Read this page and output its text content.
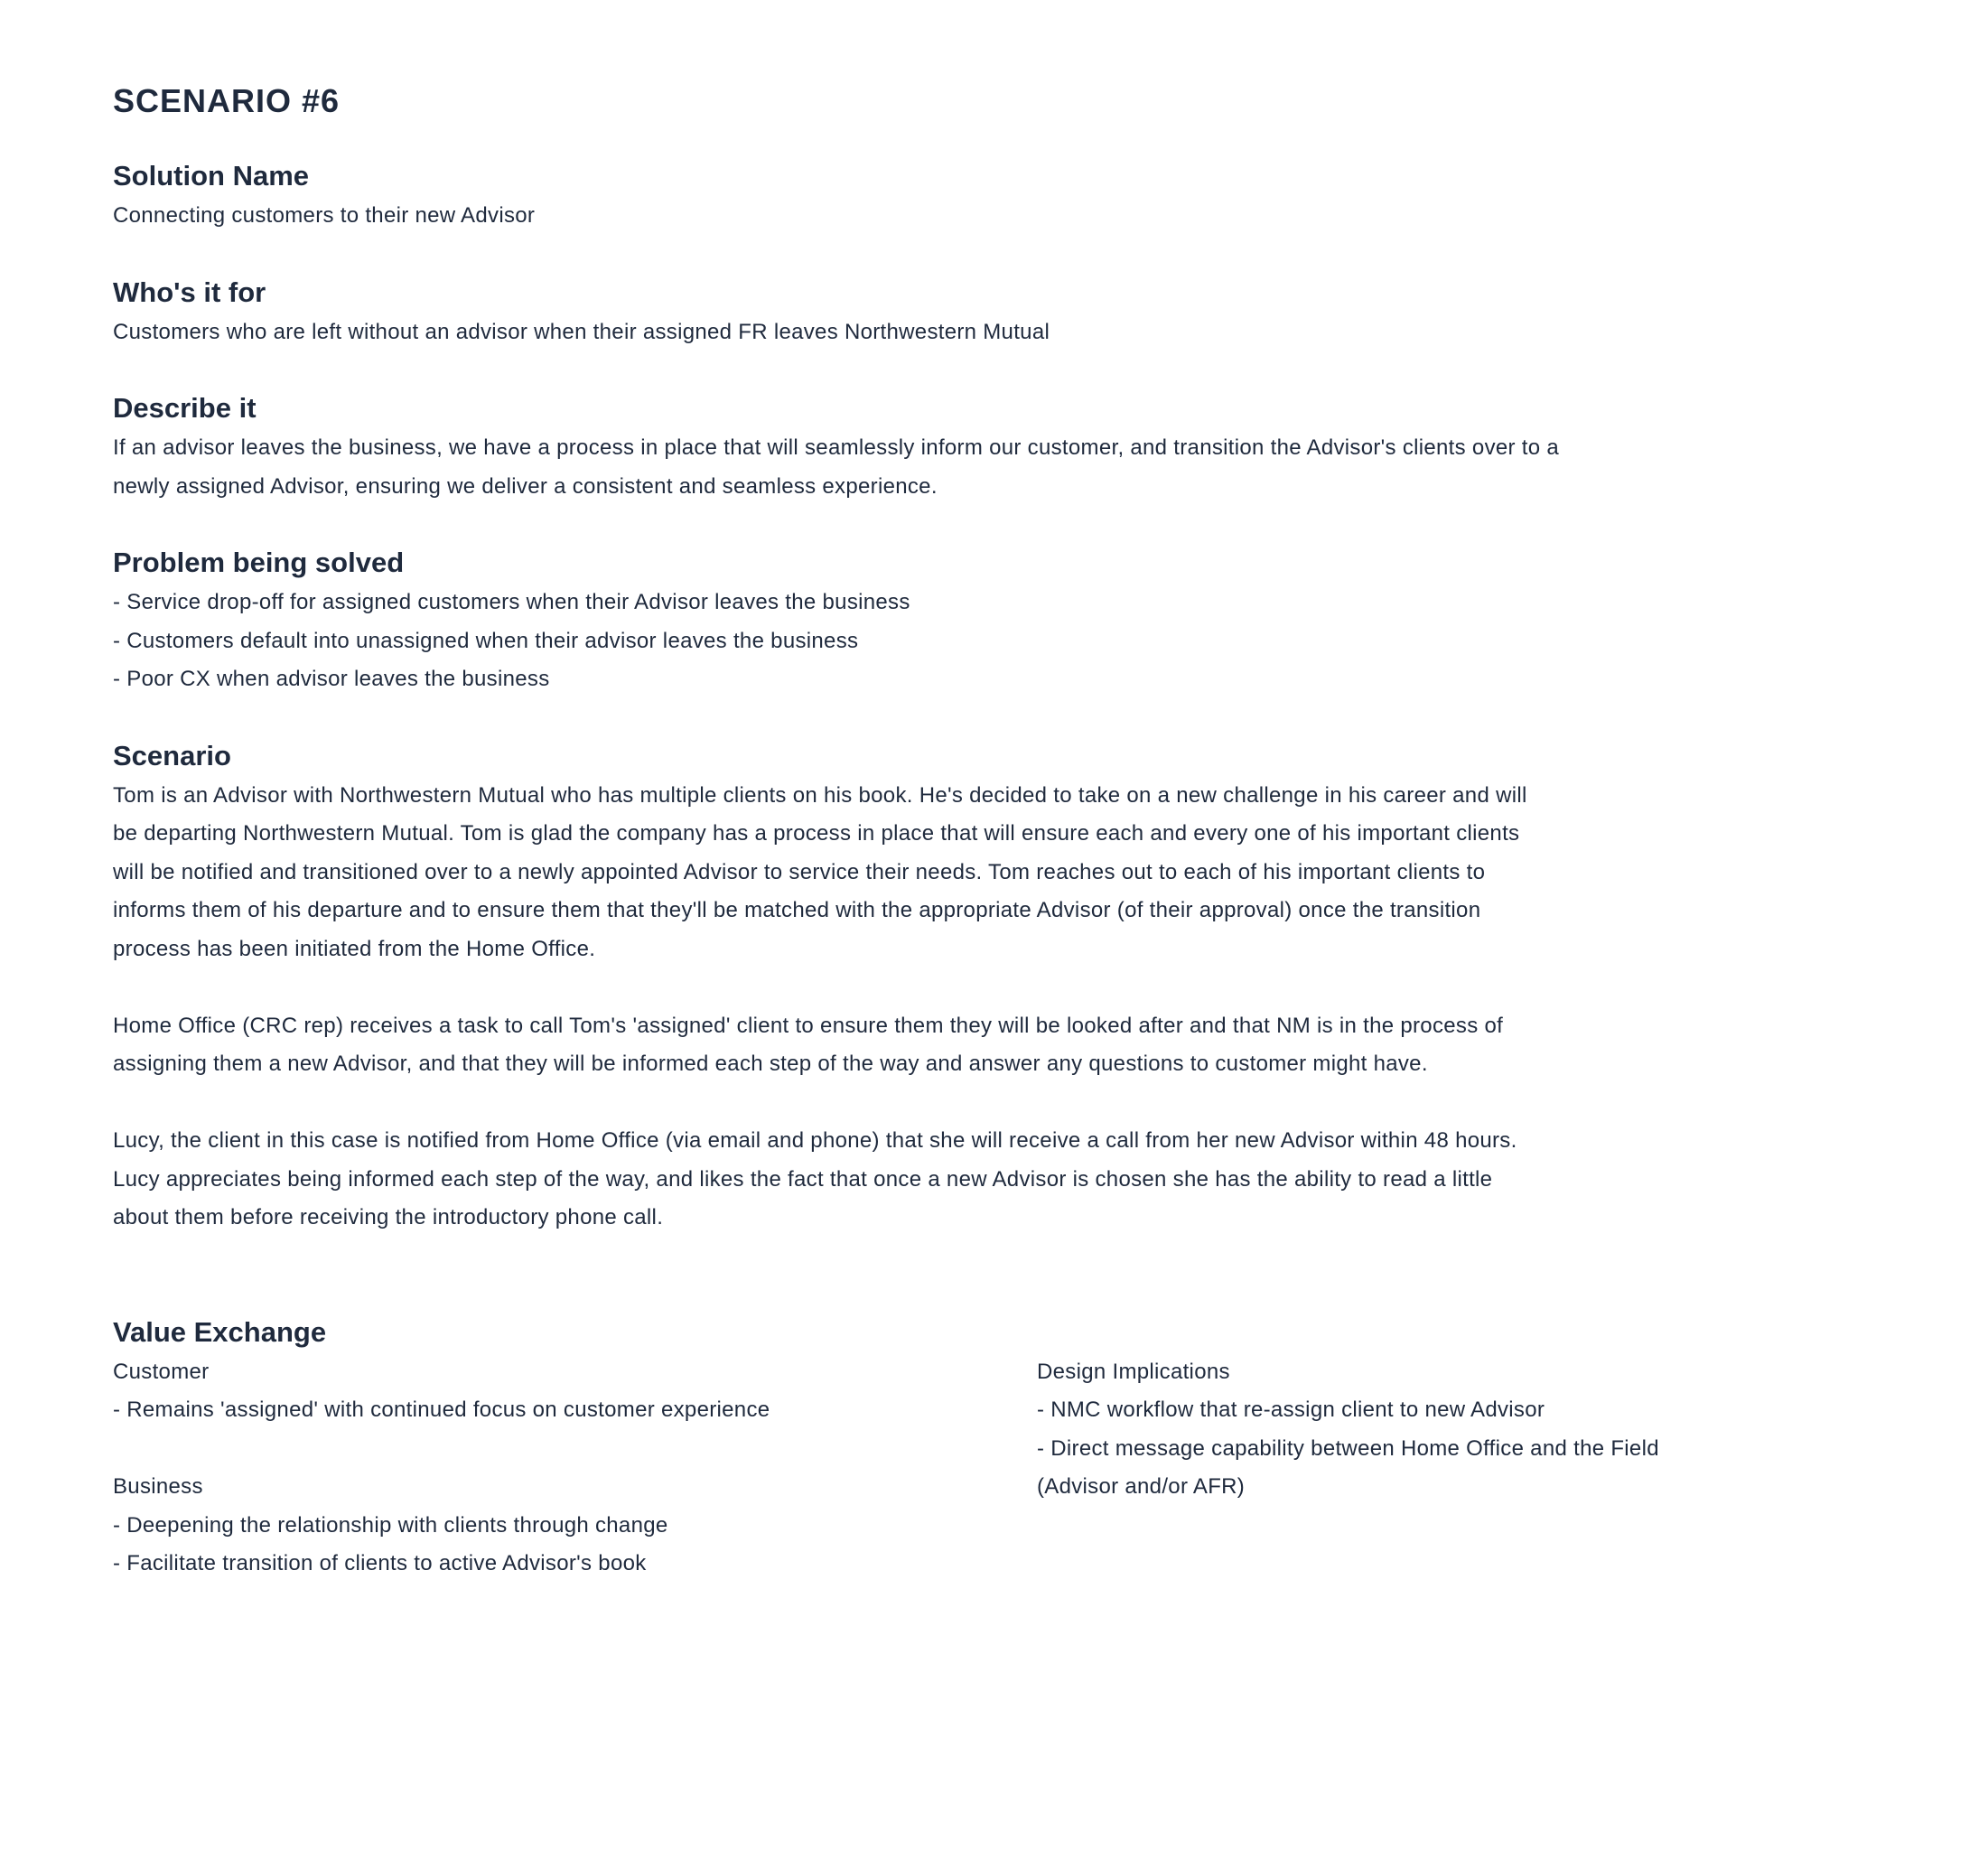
SCENARIO #6
Solution Name

Connecting customers to their new Advisor

Who's it for

Customers who are left without an advisor when their assigned FR leaves Northwestern Mutual

Describe it
If an advisor leaves the business, we have a process in place that will seamlessly inform our customer, and transition the Advisor's clients over to a
newly assigned Advisor, ensuring we deliver a consistent and seamless experience.
Problem being solved
- Service drop-off for assigned customers when their Advisor leaves the business
- Customers default into unassigned when their advisor leaves the business
- Poor CX when advisor leaves the business
Scenario
Tom is an Advisor with Northwestern Mutual who has multiple clients on his book. He's decided to take on a new challenge in his career and will
be departing Northwestern Mutual. Tom is glad the company has a process in place that will ensure each and every one of his important clients
will be notified and transitioned over to a newly appointed Advisor to service their needs. Tom reaches out to each of his important clients to
informs them of his departure and to ensure them that they'll be matched with the appropriate Advisor (of their approval) once the transition
process has been initiated from the Home Office.
Home Office (CRC rep) receives a task to call Tom's 'assigned' client to ensure them they will be looked after and that NM is in the process of
assigning them a new Advisor, and that they will be informed each step of the way and answer any questions to customer might have.
Lucy, the client in this case is notified from Home Office (via email and phone) that she will receive a call from her new Advisor within 48 hours.
Lucy appreciates being informed each step of the way, and likes the fact that once a new Advisor is chosen she has the ability to read a little
about them before receiving the introductory phone call.
Value Exchange
Customer
- Remains 'assigned' with continued focus on customer experience
Business
- Deepening the relationship with clients through change
- Facilitate transition of clients to active Advisor's book
Design Implications
- NMC workflow that re-assign client to new Advisor
- Direct message capability between Home Office and the Field
(Advisor and/or AFR)
